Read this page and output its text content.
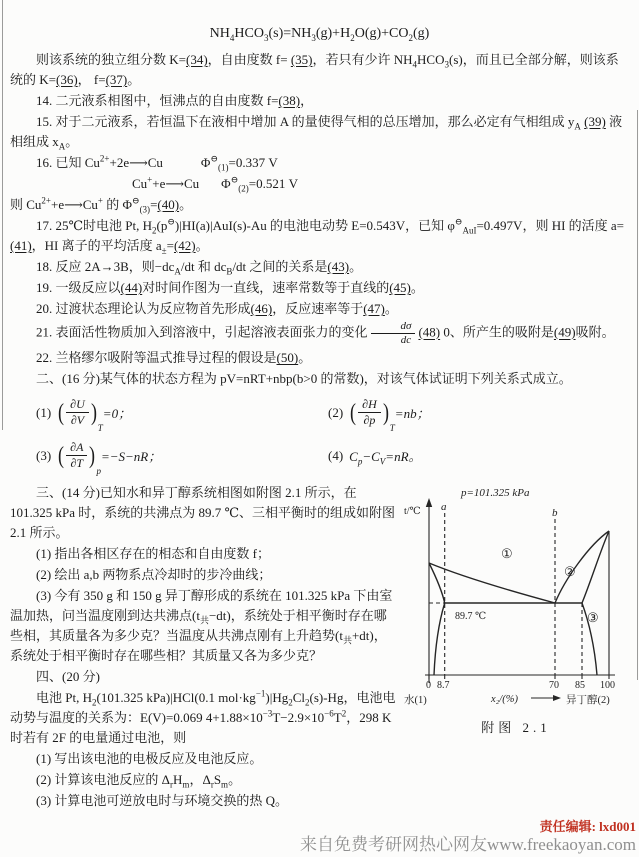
$NH_4HCO_3(s)=NH_3(g)+H_2O(g)+CO_2(g)$

则该系统的独立组分数 K=(34)，自由度数 f= (35)，若只有少许 $NH_4HCO_3(s)$，而且已全部分解，则该系统的 K=(36)， f=(37)。

14. 二元液系相图中，恒沸点的自由度数 f=(38)，

15. 对于二元液系，若恒温下在液相中增加 A 的量使得气相的总压增加，那么必定有气相组成 $y_A$ (39) 液相组成 $x_A$。

16. 已知 $Cu^{2+}+2e⟶Cu$	$\Phi^⊖_{(1)}=0.337$ V

Cu++e⟶Cu $\Phi^⊖_{(2)}=0.521$ V

则 $Cu^{2+}+e⟶Cu^+$ 的 $\Phi^⊖_{(3)}=(40)$。

17. 25℃时电池 Pt, $H_2(p^⊖)|HI(a)|AuI(s)-Au$ 的电池电动势 E=0.543V，已知 $\varphi^⊖_{AuI}=0.497V$，则 HI 的活度 a=(41)，HI 离子的平均活度 $a_\pm=(42)$。

18. 反应 2A→3B，则$-dc_A/dt$ 和 $dc_B/dt$ 之间的关系是(43)。

19. 一级反应以(44)对时间作图为一直线，速率常数等于直线的(45)。

20. 过渡状态理论认为反应物首先形成(46)，反应速率等于(47)。

21. 表面活性物质加入到溶液中，引起溶液表面张力的变化 $\frac{d\sigma}{dc} (48)$ 0、所产生的吸附是(49)吸附。

22. 兰格缪尔吸附等温式推导过程的假设是(50)。

二、(16 分)某气体的状态方程为 pV=nRT+nbp(b>0 的常数)，对该气体试证明下列关系式成立。

(1) ( $\frac{\partial U}{\partial V}$ )
T
=0；	(2) ( $\frac{\partial H}{\partial p}$ )
T
=nb；
(3) ( $\frac{\partial A}{\partial T}$ )
p
=−S−nR；	(4) $C_p-C_V=nR$。
p=101.325 kPa
t/℃ a	b
①
②
③
89.7 ℃
0 8.7	70 85 100
水(1)	x₂/(%)	异丁醇(2)
附图 2.1

三、(14 分)已知水和异丁醇系统相图如附图 2.1 所示，在 101.325 kPa 时，系统的共沸点为 89.7 ℃、三相平衡时的组成如附图 2.1 所示。

(1) 指出各相区存在的相态和自由度数 f；

(2) 绘出 a,b 两物系点冷却时的步冷曲线；

(3) 今有 350 g 和 150 g 异丁醇形成的系统在 101.325 kPa 下由室温加热，问当温度刚到达共沸点$(t_共-dt)$，系统处于相平衡时存在哪些相，其质量各为多少克？当温度从共沸点刚有上升趋势$(t_共+dt)$，系统处于相平衡时存在哪些相？其质量又各为多少克？

四、(20 分)

电池 Pt, $H_2(101.325$ kPa)|HCl(0.1 $mol\cdot kg^{-1})|Hg_2Cl_2(s)-Hg$，电池电动势与温度的关系为：E(V)=0.069 $4+1.88\times 10^{-3}T-2.9\times 10^{-6}T^2$，298 K 时若有 2F 的电量通过电池，则

(1) 写出该电池的电极反应及电池反应。

(2) 计算该电池反应的 $\Delta_rH_m$，$\Delta_rS_m$。

(3) 计算电池可逆放电时与环境交换的热 Q。

责任编辑: lxd001
来自免费考研网热心网友www.freekaoyan.com
